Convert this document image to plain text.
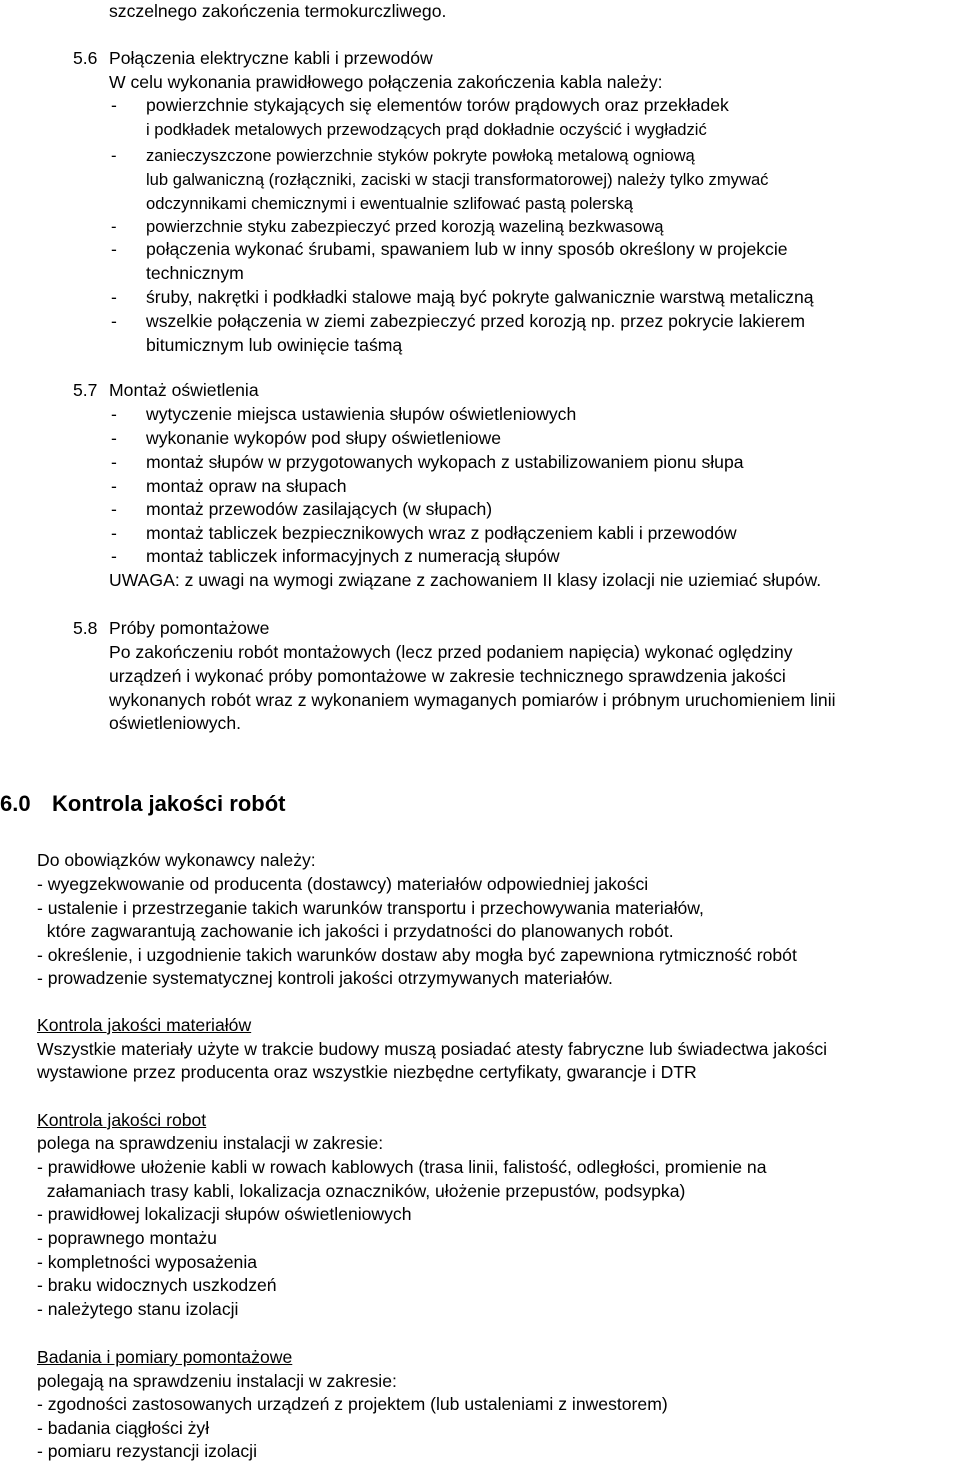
szczelnego zakończenia termokurczliwego.
5.6 Połączenia elektryczne kabli i przewodów
W celu wykonania prawidłowego połączenia zakończenia kabla należy:
- powierzchnie stykających się elementów torów prądowych oraz przekładek
i podkładek metalowych przewodzących prąd dokładnie oczyścić i wygładzić
- zanieczyszczone powierzchnie styków pokryte powłoką metalową ogniową
lub galwaniczną (rozłączniki, zaciski w stacji transformatorowej) należy tylko zmywać
odczynnikami chemicznymi i ewentualnie szlifować pastą polerską
- powierzchnie styku zabezpieczyć przed korozją wazeliną bezkwasową
- połączenia wykonać śrubami, spawaniem lub w inny sposób określony w projekcie
technicznym
- śruby, nakrętki i podkładki stalowe mają być pokryte galwanicznie warstwą metaliczną
- wszelkie połączenia w ziemi zabezpieczyć przed korozją np. przez pokrycie lakierem
bitumicznym lub owinięcie taśmą
5.7 Montaż oświetlenia
- wytyczenie miejsca ustawienia słupów oświetleniowych
- wykonanie wykopów pod słupy oświetleniowe
- montaż słupów w przygotowanych wykopach z ustabilizowaniem pionu słupa
- montaż opraw na słupach
- montaż przewodów zasilających (w słupach)
- montaż tabliczek bezpiecznikowych wraz z podłączeniem kabli i przewodów
- montaż tabliczek informacyjnych z numeracją słupów
UWAGA: z uwagi na wymogi związane z zachowaniem II klasy izolacji nie uziemiać słupów.
5.8 Próby pomontażowe
Po zakończeniu robót montażowych (lecz przed podaniem napięcia) wykonać oględziny
urządzeń i wykonać próby pomontażowe w zakresie technicznego sprawdzenia jakości
wykonanych robót wraz z wykonaniem wymaganych pomiarów i próbnym uruchomieniem linii
oświetleniowych.
6.0 Kontrola jakości robót
Do obowiązków wykonawcy należy:
- wyegzekwowanie od producenta (dostawcy) materiałów odpowiedniej jakości
- ustalenie i przestrzeganie takich warunków transportu i przechowywania materiałów,
które zagwarantują zachowanie ich jakości i przydatności do planowanych robót.
- określenie, i uzgodnienie takich warunków dostaw aby mogła być zapewniona rytmiczność robót
- prowadzenie systematycznej kontroli jakości otrzymywanych materiałów.
Kontrola jakości materiałów
Wszystkie materiały użyte w trakcie budowy muszą posiadać atesty fabryczne lub świadectwa jakości
wystawione przez producenta oraz wszystkie niezbędne certyfikaty, gwarancje i DTR
Kontrola jakości robot
polega na sprawdzeniu instalacji w zakresie:
- prawidłowe ułożenie kabli w rowach kablowych (trasa linii, falistość, odległości, promienie na
załamaniach trasy kabli, lokalizacja oznaczników, ułożenie przepustów, podsypka)
- prawidłowej lokalizacji słupów oświetleniowych
- poprawnego montażu
- kompletności wyposażenia
- braku widocznych uszkodzeń
- należytego stanu izolacji
Badania i pomiary pomontażowe
polegają na sprawdzeniu instalacji w zakresie:
- zgodności zastosowanych urządzeń z projektem (lub ustaleniami z inwestorem)
- badania ciągłości żył
- pomiaru rezystancji izolacji
